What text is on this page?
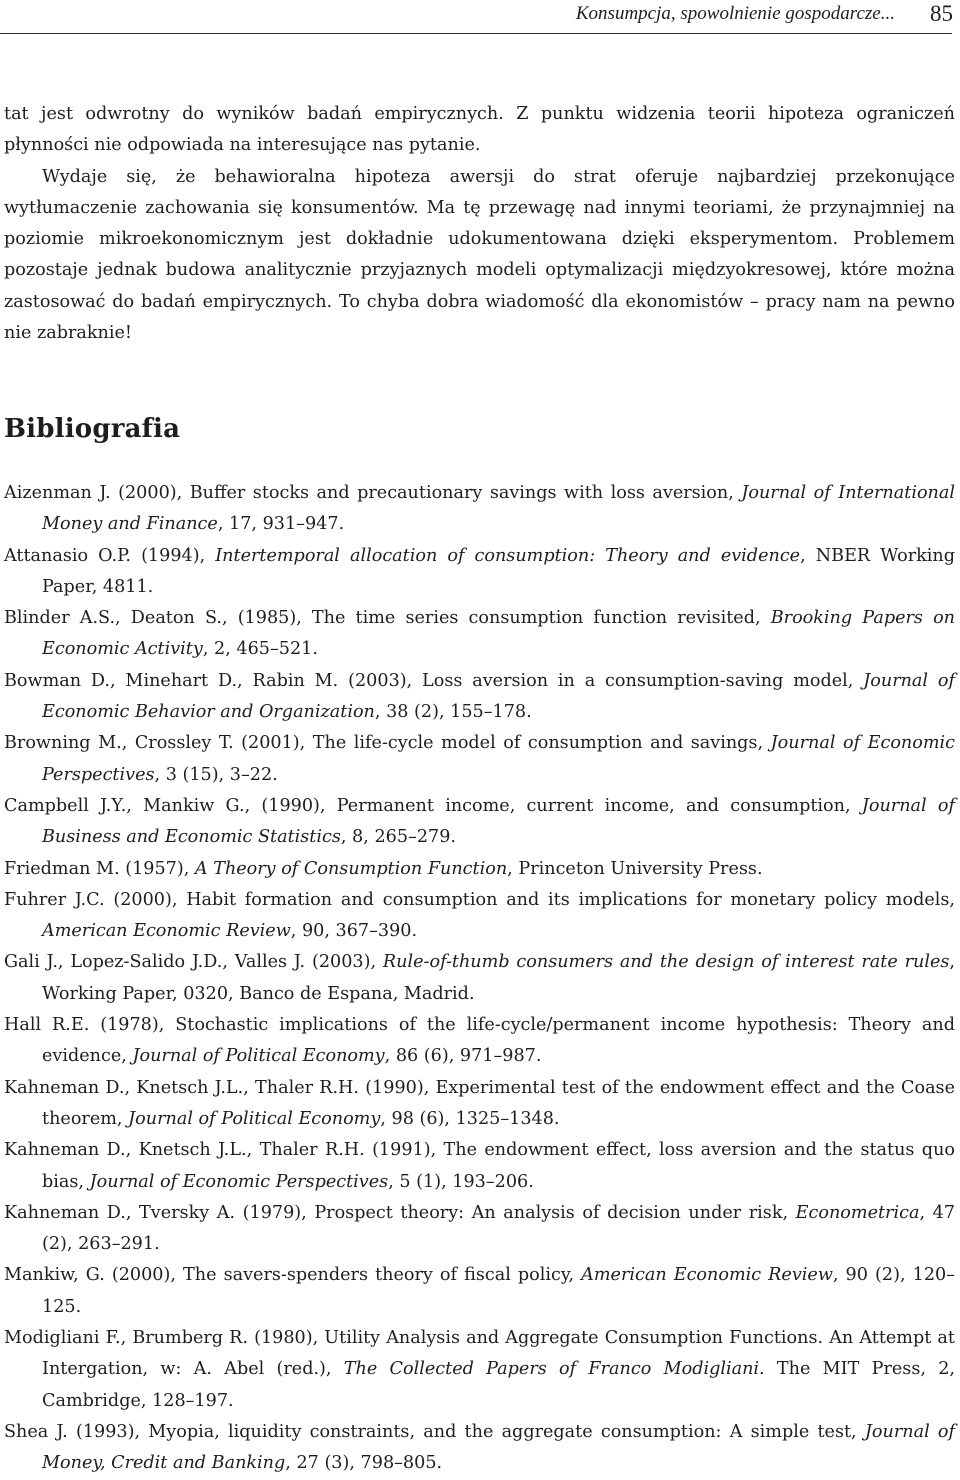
Konsumpcja, spowolnienie gospodarcze... 85

tat jest odwrotny do wyników badań empirycznych. Z punktu widzenia teorii hipoteza ograniczeń płynności nie odpowiada na interesujące nas pytanie.

Wydaje się, że behawioralna hipoteza awersji do strat oferuje najbardziej przekonujące wytłumaczenie zachowania się konsumentów. Ma tę przewagę nad innymi teoriami, że przynajmniej na poziomie mikroekonomicznym jest dokładnie udokumentowana dzięki eksperymentom. Problemem pozostaje jednak budowa analitycznie przyjaznych modeli optymalizacji międzyokresowej, które można zastosować do badań empirycznych. To chyba dobra wiadomość dla ekonomistów – pracy nam na pewno nie zabraknie!

Bibliografia
Aizenman J. (2000), Buffer stocks and precautionary savings with loss aversion, Journal of International Money and Finance, 17, 931–947.
Attanasio O.P. (1994), Intertemporal allocation of consumption: Theory and evidence, NBER Working Paper, 4811.
Blinder A.S., Deaton S., (1985), The time series consumption function revisited, Brooking Papers on Economic Activity, 2, 465–521.
Bowman D., Minehart D., Rabin M. (2003), Loss aversion in a consumption-saving model, Journal of Economic Behavior and Organization, 38 (2), 155–178.
Browning M., Crossley T. (2001), The life-cycle model of consumption and savings, Journal of Economic Perspectives, 3 (15), 3–22.
Campbell J.Y., Mankiw G., (1990), Permanent income, current income, and consumption, Journal of Business and Economic Statistics, 8, 265–279.
Friedman M. (1957), A Theory of Consumption Function, Princeton University Press.
Fuhrer J.C. (2000), Habit formation and consumption and its implications for monetary policy models, American Economic Review, 90, 367–390.
Gali J., Lopez-Salido J.D., Valles J. (2003), Rule-of-thumb consumers and the design of interest rate rules, Working Paper, 0320, Banco de Espana, Madrid.
Hall R.E. (1978), Stochastic implications of the life-cycle/permanent income hypothesis: Theory and evidence, Journal of Political Economy, 86 (6), 971–987.
Kahneman D., Knetsch J.L., Thaler R.H. (1990), Experimental test of the endowment effect and the Coase theorem, Journal of Political Economy, 98 (6), 1325–1348.
Kahneman D., Knetsch J.L., Thaler R.H. (1991), The endowment effect, loss aversion and the status quo bias, Journal of Economic Perspectives, 5 (1), 193–206.
Kahneman D., Tversky A. (1979), Prospect theory: An analysis of decision under risk, Econometrica, 47 (2), 263–291.
Mankiw, G. (2000), The savers-spenders theory of fiscal policy, American Economic Review, 90 (2), 120–125.
Modigliani F., Brumberg R. (1980), Utility Analysis and Aggregate Consumption Functions. An Attempt at Intergation, w: A. Abel (red.), The Collected Papers of Franco Modigliani. The MIT Press, 2, Cambridge, 128–197.
Shea J. (1993), Myopia, liquidity constraints, and the aggregate consumption: A simple test, Journal of Money, Credit and Banking, 27 (3), 798–805.
